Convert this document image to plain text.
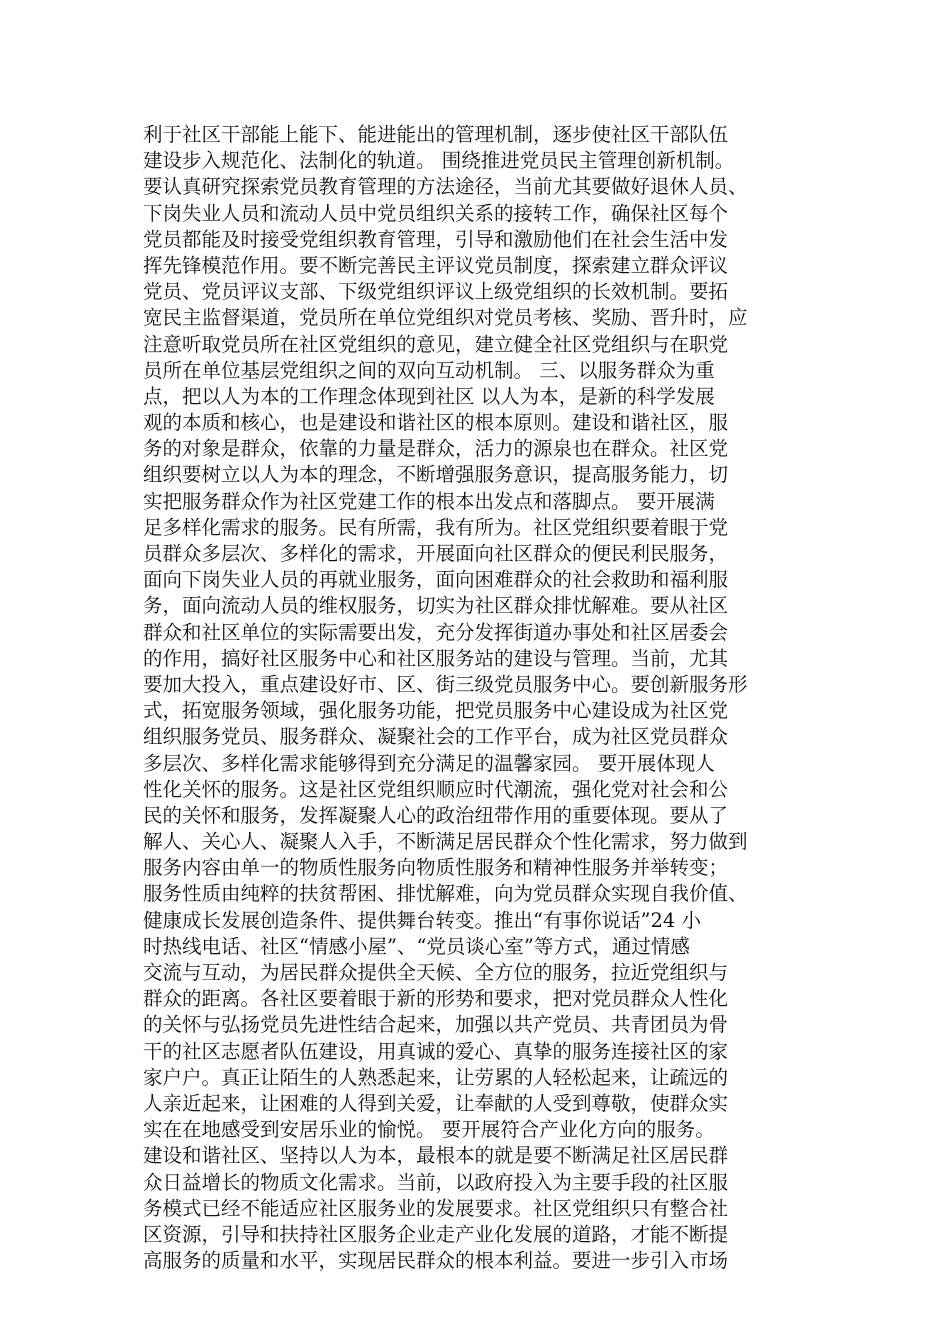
利于社区干部能上能下、能进能出的管理机制，逐步使社区干部队伍
建设步入规范化、法制化的轨道。 围绕推进党员民主管理创新机制。
要认真研究探索党员教育管理的方法途径，当前尤其要做好退休人员、
下岗失业人员和流动人员中党员组织关系的接转工作，确保社区每个
党员都能及时接受党组织教育管理，引导和激励他们在社会生活中发
挥先锋模范作用。要不断完善民主评议党员制度，探索建立群众评议
党员、党员评议支部、下级党组织评议上级党组织的长效机制。要拓
宽民主监督渠道，党员所在单位党组织对党员考核、奖励、晋升时，应
注意听取党员所在社区党组织的意见，建立健全社区党组织与在职党
员所在单位基层党组织之间的双向互动机制。 三、以服务群众为重
点，把以人为本的工作理念体现到社区 以人为本，是新的科学发展
观的本质和核心，也是建设和谐社区的根本原则。建设和谐社区，服
务的对象是群众，依靠的力量是群众，活力的源泉也在群众。社区党
组织要树立以人为本的理念，不断增强服务意识，提高服务能力，切
实把服务群众作为社区党建工作的根本出发点和落脚点。 要开展满
足多样化需求的服务。民有所需，我有所为。社区党组织要着眼于党
员群众多层次、多样化的需求，开展面向社区群众的便民利民服务，
面向下岗失业人员的再就业服务，面向困难群众的社会救助和福利服
务，面向流动人员的维权服务，切实为社区群众排忧解难。要从社区
群众和社区单位的实际需要出发，充分发挥街道办事处和社区居委会
的作用，搞好社区服务中心和社区服务站的建设与管理。当前，尤其
要加大投入，重点建设好市、区、街三级党员服务中心。要创新服务形
式，拓宽服务领域，强化服务功能，把党员服务中心建设成为社区党
组织服务党员、服务群众、凝聚社会的工作平台，成为社区党员群众
多层次、多样化需求能够得到充分满足的温馨家园。 要开展体现人
性化关怀的服务。这是社区党组织顺应时代潮流，强化党对社会和公
民的关怀和服务，发挥凝聚人心的政治纽带作用的重要体现。要从了
解人、关心人、凝聚人入手，不断满足居民群众个性化需求，努力做到
服务内容由单一的物质性服务向物质性服务和精神性服务并举转变；
服务性质由纯粹的扶贫帮困、排忧解难，向为党员群众实现自我价值、
健康成长发展创造条件、提供舞台转变。推出“有事你说话”24 小
时热线电话、社区“情感小屋”、“党员谈心室”等方式，通过情感
交流与互动，为居民群众提供全天候、全方位的服务，拉近党组织与
群众的距离。各社区要着眼于新的形势和要求，把对党员群众人性化
的关怀与弘扬党员先进性结合起来，加强以共产党员、共青团员为骨
干的社区志愿者队伍建设，用真诚的爱心、真挚的服务连接社区的家
家户户。真正让陌生的人熟悉起来，让劳累的人轻松起来，让疏远的
人亲近起来，让困难的人得到关爱，让奉献的人受到尊敬，使群众实
实在在地感受到安居乐业的愉悦。 要开展符合产业化方向的服务。
建设和谐社区、坚持以人为本，最根本的就是要不断满足社区居民群
众日益增长的物质文化需求。当前，以政府投入为主要手段的社区服
务模式已经不能适应社区服务业的发展要求。社区党组织只有整合社
区资源，引导和扶持社区服务企业走产业化发展的道路，才能不断提
高服务的质量和水平，实现居民群众的根本利益。要进一步引入市场
